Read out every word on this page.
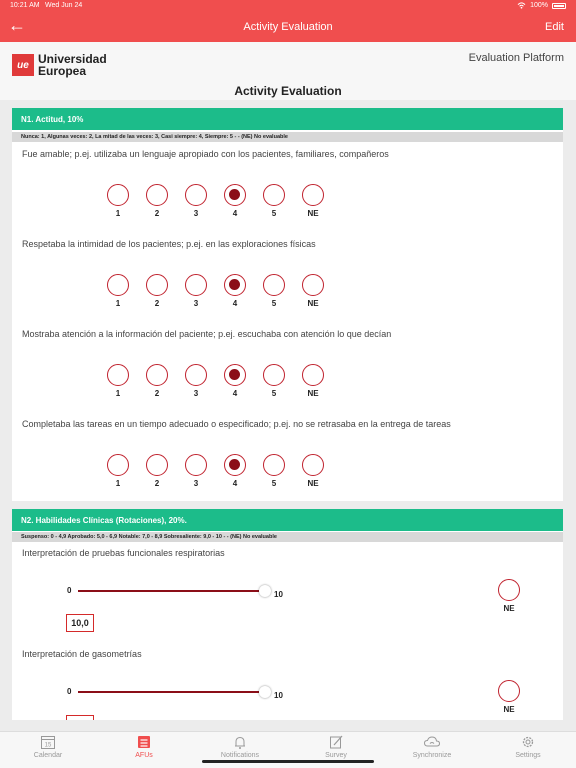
10:21 AM Wed Jun 24	100%
←	Activity Evaluation	Edit
ue Universidad
Europea
Evaluation Platform
Activity Evaluation
N1. Actitud, 10%
Nunca: 1, Algunas veces: 2, La mitad de las veces: 3, Casi siempre: 4, Siempre: 5 - - (NE) No evaluable
Fue amable; p.ej. utilizaba un lenguaje apropiado con los pacientes, familiares, compañeros
1	2	3	4	5	NE
Respetaba la intimidad de los pacientes; p.ej. en las exploraciones físicas
1	2	3	4	5	NE
Mostraba atención a la información del paciente; p.ej. escuchaba con atención lo que decían
1	2	3	4	5	NE
Completaba las tareas en un tiempo adecuado o especificado; p.ej. no se retrasaba en la entrega de tareas
1	2	3	4	5	NE
N2. Habilidades Clínicas (Rotaciones), 20%.
Suspenso: 0 - 4,9 Aprobado: 5,0 - 6,9 Notable: 7,0 - 8,9 Sobresaliente: 9,0 - 10 - - (NE) No evaluable
Interpretación de pruebas funcionales respiratorias
0	10
10,0
NE
Interpretación de gasometrías
0	10
NE
15
Calendar	AFUs	Notifications	Survey	Synchronize	Settings
